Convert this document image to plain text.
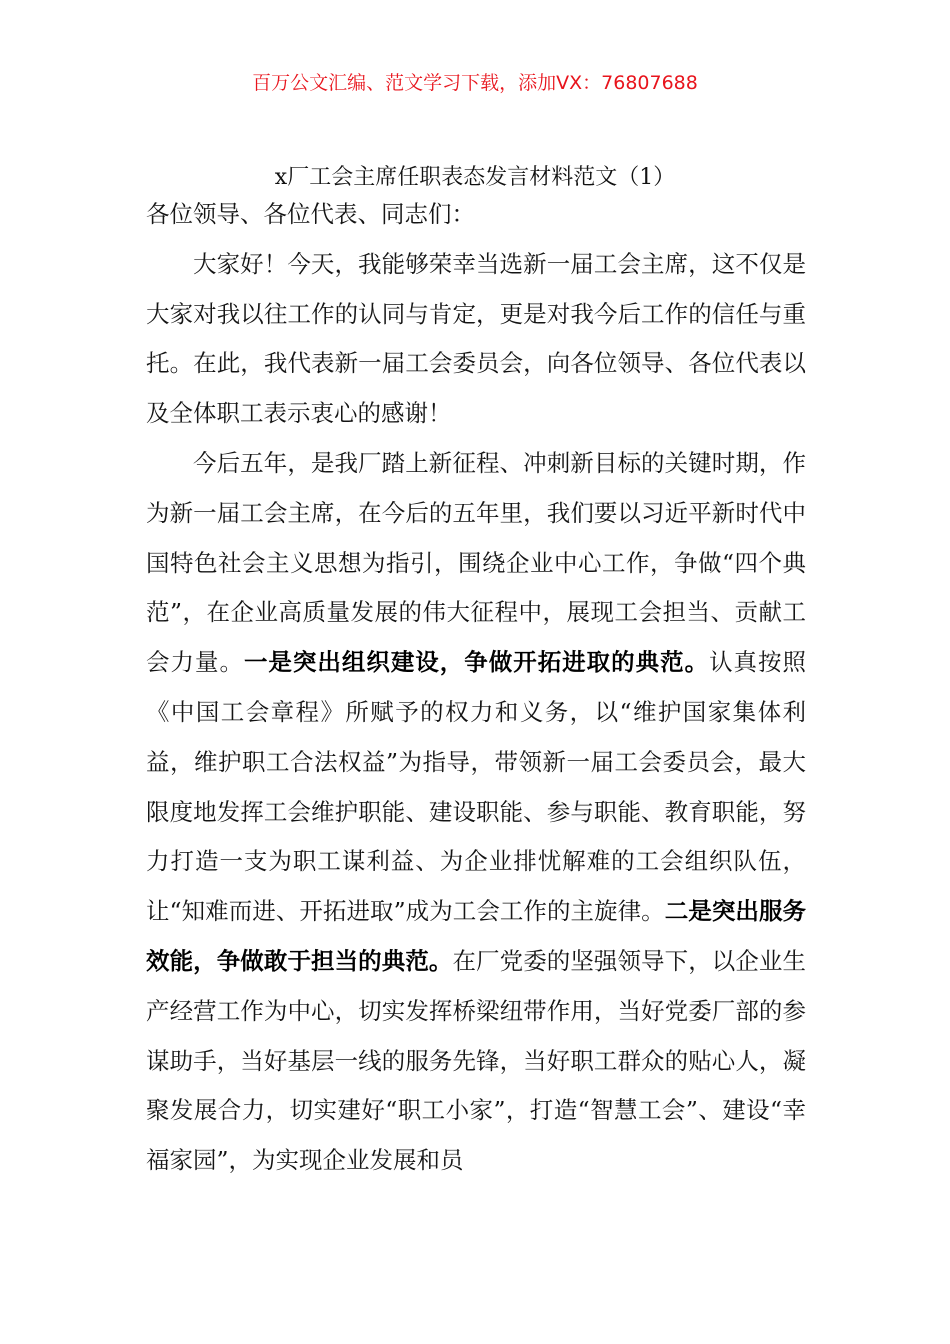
百万公文汇编、范文学习下载，添加VX：76807688
x厂工会主席任职表态发言材料范文（1）

各位领导、各位代表、同志们：

大家好！今天，我能够荣幸当选新一届工会主席，这不仅是大家对我以往工作的认同与肯定，更是对我今后工作的信任与重托。在此，我代表新一届工会委员会，向各位领导、各位代表以及全体职工表示衷心的感谢！

今后五年，是我厂踏上新征程、冲刺新目标的关键时期，作为新一届工会主席，在今后的五年里，我们要以习近平新时代中国特色社会主义思想为指引，围绕企业中心工作，争做“四个典范”，在企业高质量发展的伟大征程中，展现工会担当、贡献工会力量。一是突出组织建设，争做开拓进取的典范。认真按照《中国工会章程》所赋予的权力和义务，以“维护国家集体利益，维护职工合法权益”为指导，带领新一届工会委员会，最大限度地发挥工会维护职能、建设职能、参与职能、教育职能，努力打造一支为职工谋利益、为企业排忧解难的工会组织队伍，让“知难而进、开拓进取”成为工会工作的主旋律。二是突出服务效能，争做敢于担当的典范。在厂党委的坚强领导下，以企业生产经营工作为中心，切实发挥桥梁纽带作用，当好党委厂部的参谋助手，当好基层一线的服务先锋，当好职工群众的贴心人，凝聚发展合力，切实建好“职工小家”，打造“智慧工会”、建设“幸福家园”，为实现企业发展和员
